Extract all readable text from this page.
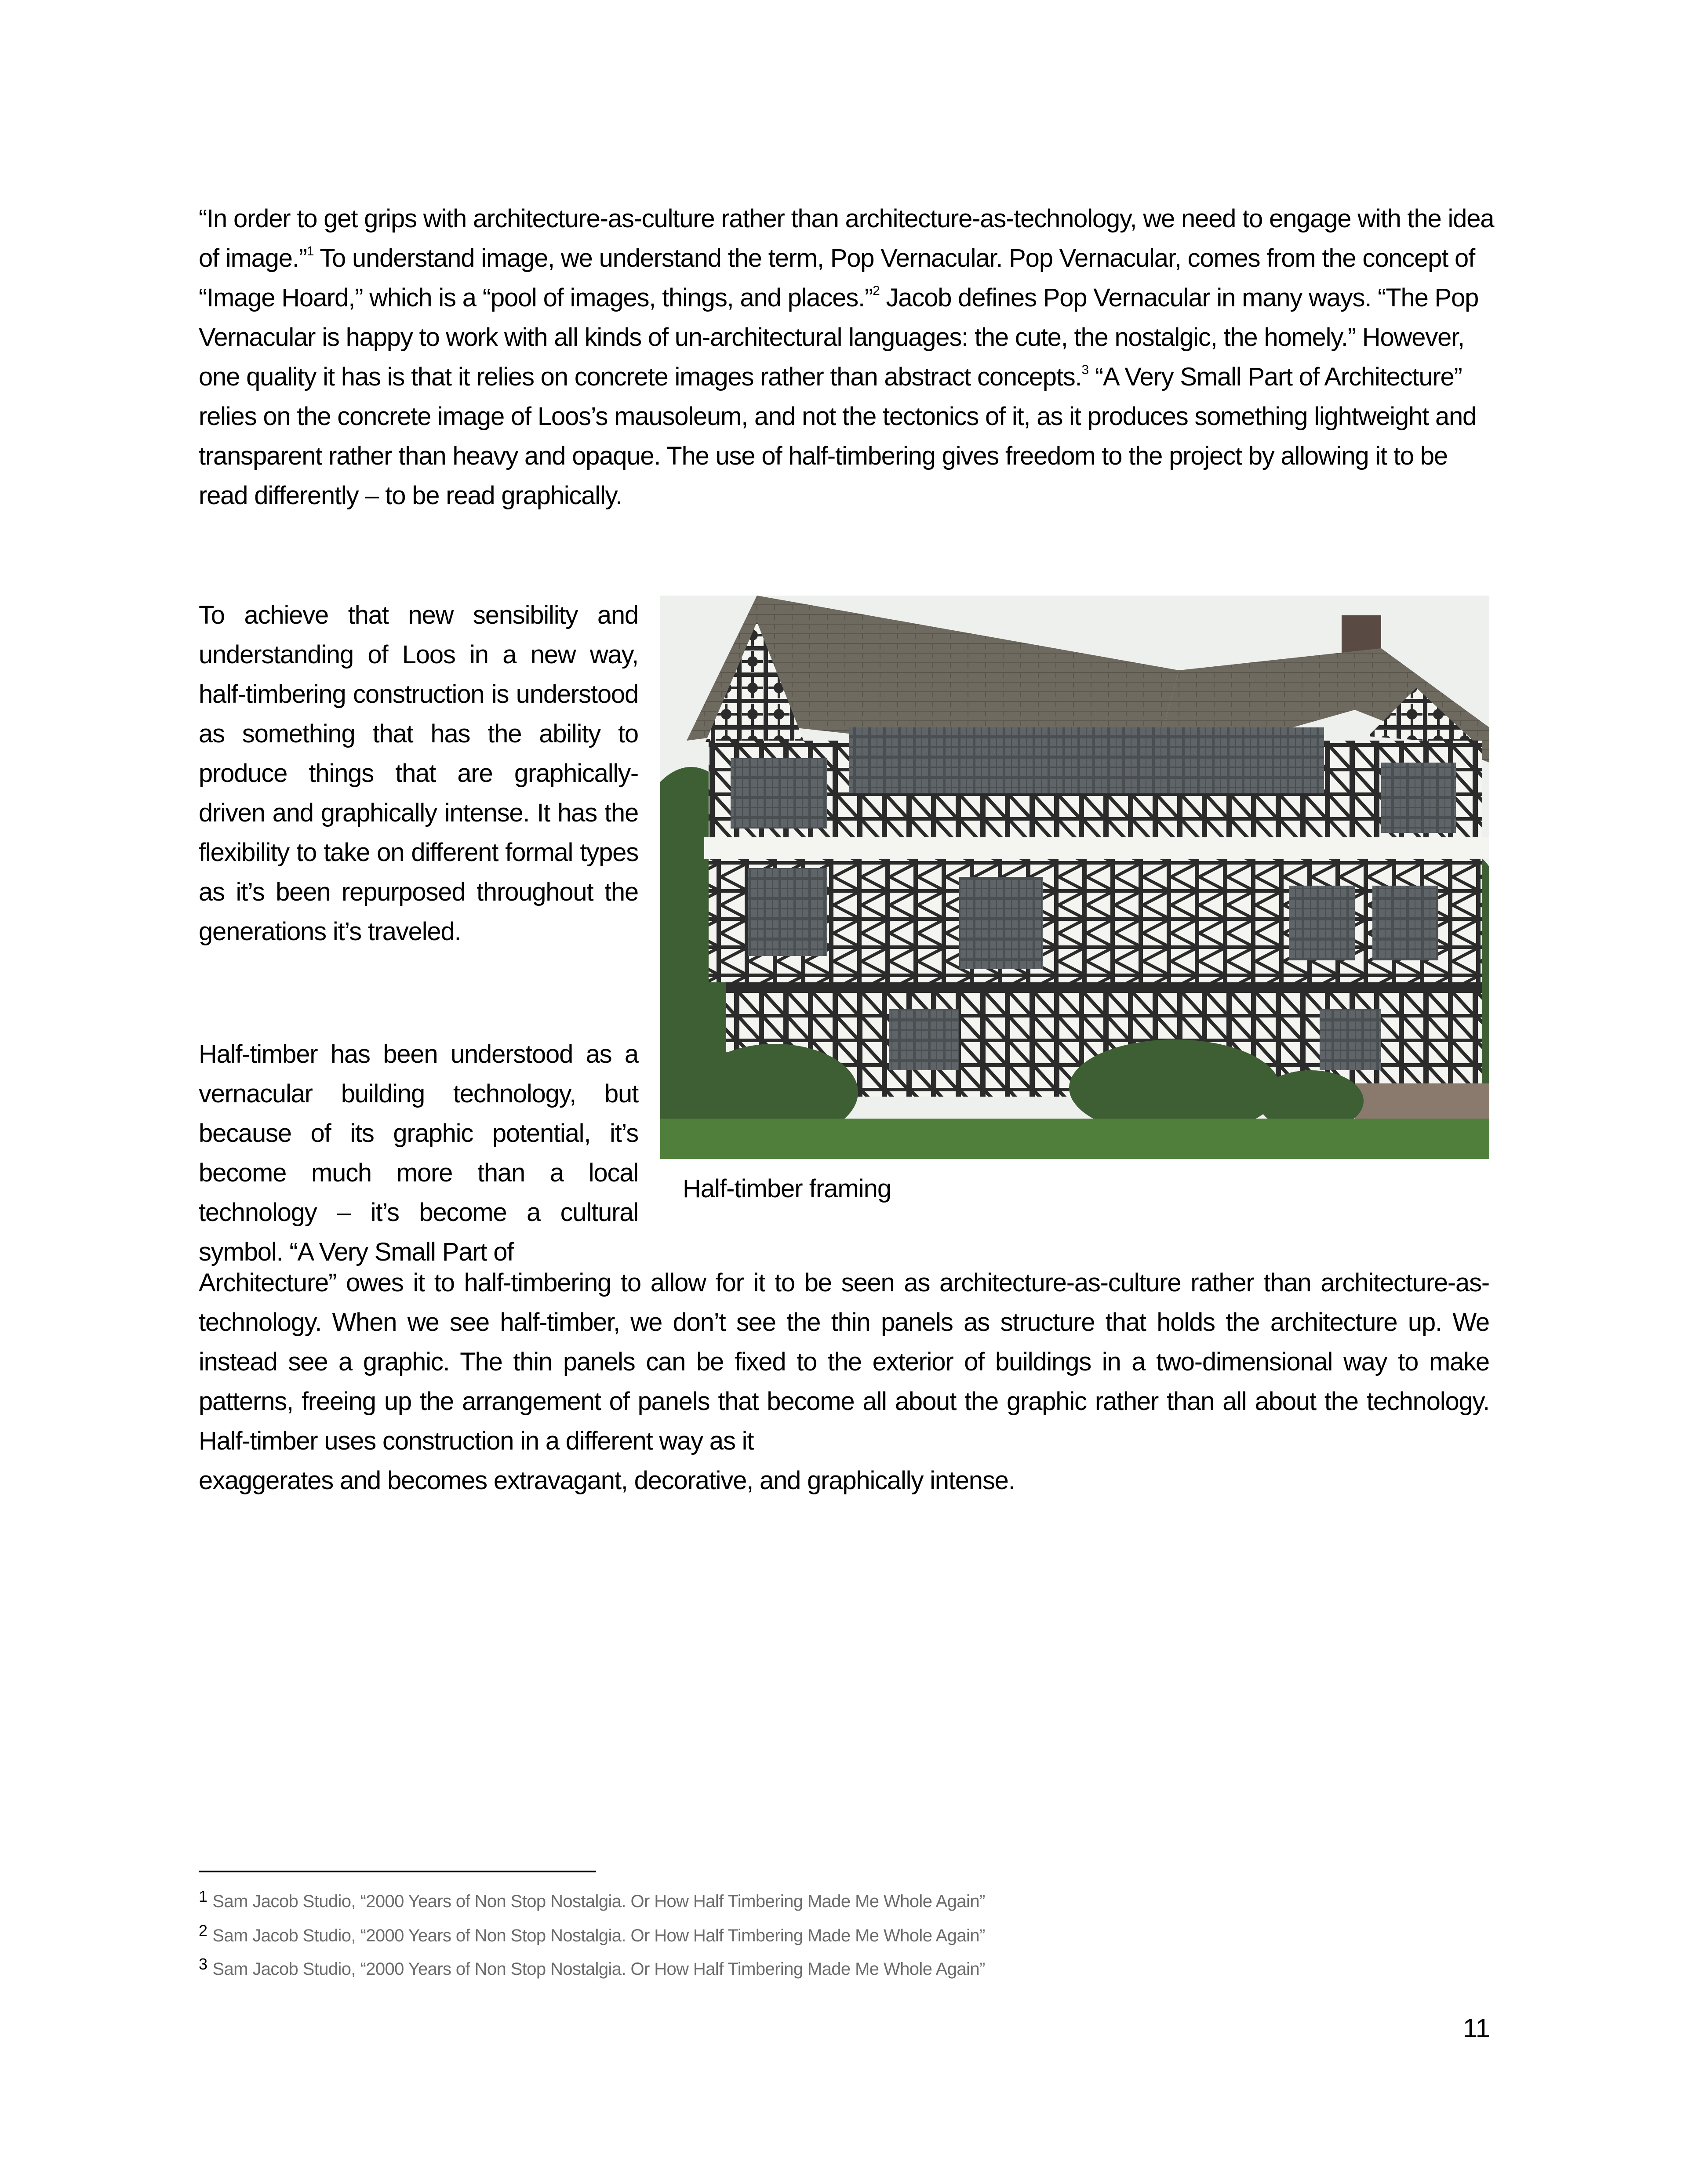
“In order to get grips with architecture-as-culture rather than architecture-as-technology, we need to engage with the idea of image.”$^1$ To understand image, we understand the term, Pop Vernacular. Pop Vernacular, comes from the concept of “Image Hoard,” which is a “pool of images, things, and places.”$^2$ Jacob defines Pop Vernacular in many ways. “The Pop Vernacular is happy to work with all kinds of un-architectural languages: the cute, the nostalgic, the homely.” However, one quality it has is that it relies on concrete images rather than abstract concepts.$^3$ “A Very Small Part of Architecture” relies on the concrete image of Loos’s mausoleum, and not the tectonics of it, as it produces something lightweight and transparent rather than heavy and opaque. The use of half-timbering gives freedom to the project by allowing it to be read differently – to be read graphically.

To achieve that new sensibility and understanding of Loos in a new way, half-timbering construction is understood as something that has the ability to produce things that are graphically-driven and graphically intense. It has the flexibility to take on different formal types as it’s been repurposed throughout the generations it’s traveled.

Half-timber has been understood as a vernacular building technology, but because of its graphic potential, it’s become much more than a local technology – it’s become a cultural symbol. “A Very Small Part of

Architecture” owes it to half-timbering to allow for it to be seen as architecture-as-culture rather than architecture-as-technology. When we see half-timber, we don’t see the thin panels as structure that holds the architecture up. We instead see a graphic. The thin panels can be fixed to the exterior of buildings in a two-dimensional way to make patterns, freeing up the arrangement of panels that become all about the graphic rather than all about the technology. Half-timber uses construction in a different way as it

exaggerates and becomes extravagant, decorative, and graphically intense.

Half-timber framing

1 Sam Jacob Studio, “2000 Years of Non Stop Nostalgia. Or How Half Timbering Made Me Whole Again”

2 Sam Jacob Studio, “2000 Years of Non Stop Nostalgia. Or How Half Timbering Made Me Whole Again”

3 Sam Jacob Studio, “2000 Years of Non Stop Nostalgia. Or How Half Timbering Made Me Whole Again”

11
